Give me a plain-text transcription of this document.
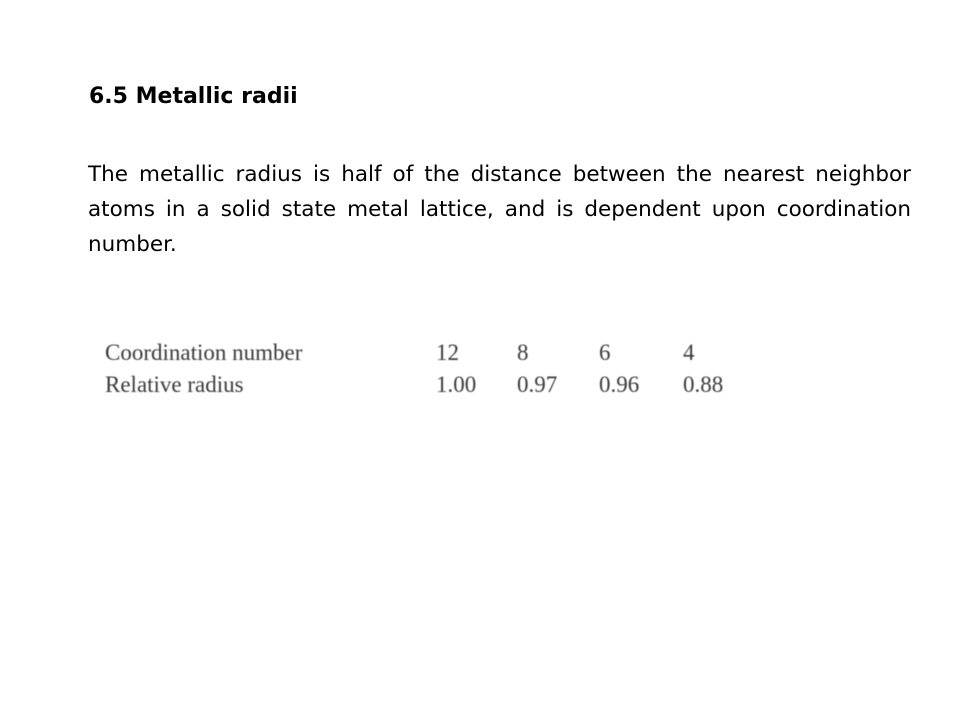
6.5 Metallic radii
The metallic radius is half of the distance between the nearest neighbor atoms in a solid state metal lattice, and is dependent upon coordination number.
Coordination number	12	8	6	4
Relative radius	1.00 0.97 0.96 0.88
